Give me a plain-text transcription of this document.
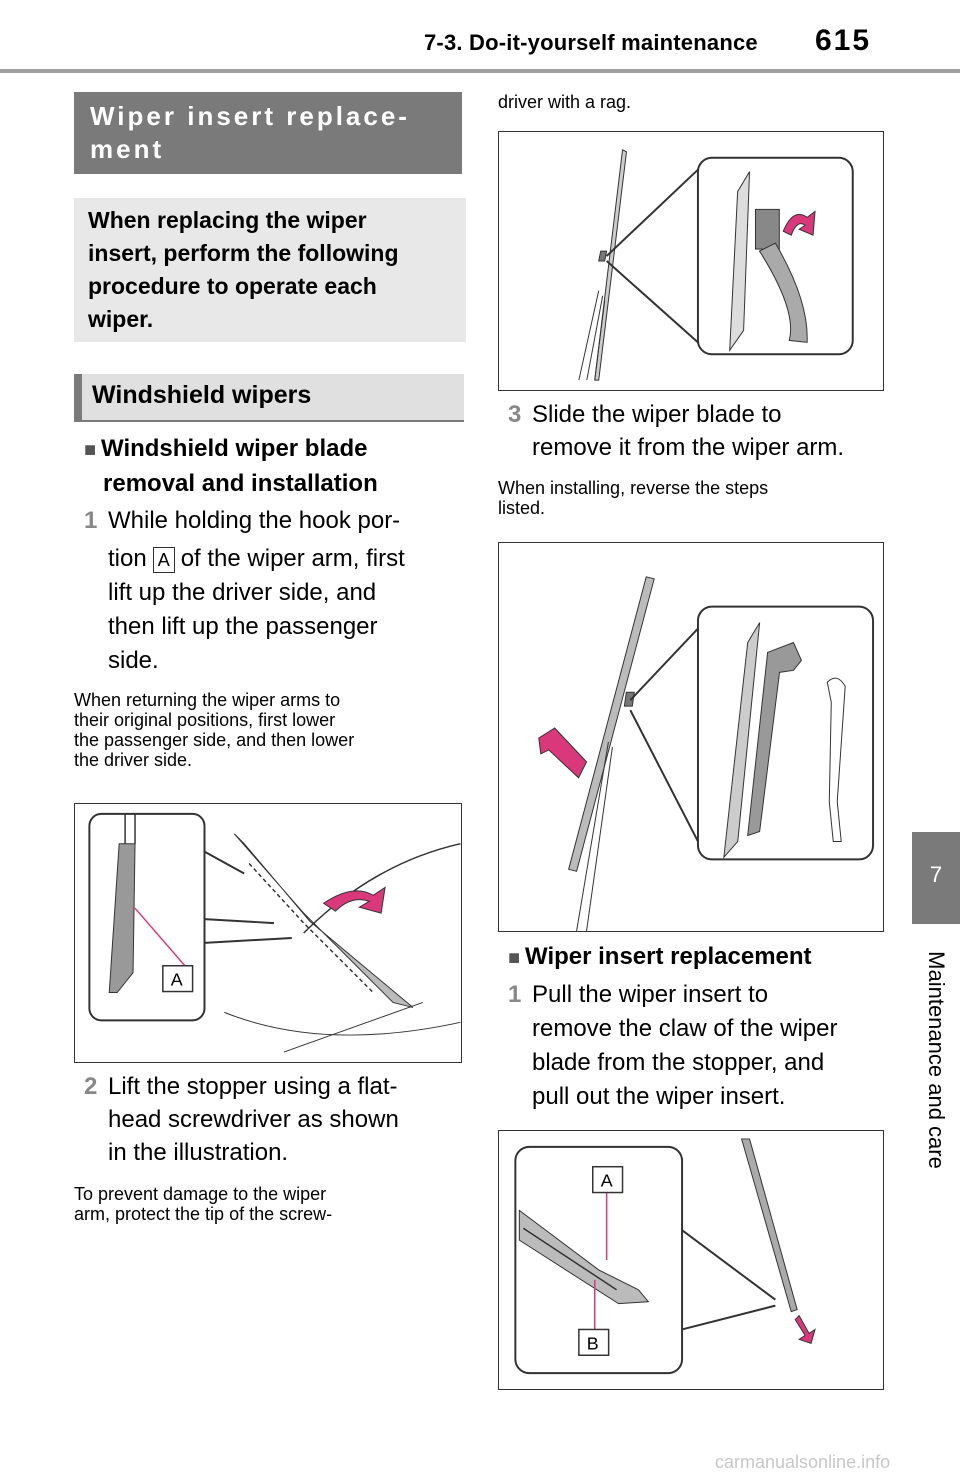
7-3. Do-it-yourself maintenance 615
7
Maintenance and care
Wiper insert replace-
ment
When replacing the wiper
insert, perform the following
procedure to operate each
wiper.
Windshield wipers
■ Windshield wiper blade
removal and installation
1 While holding the hook por-
tion A of the wiper arm, first
lift up the driver side, and
then lift up the passenger
side.
When returning the wiper arms to
their original positions, first lower
the passenger side, and then lower
the driver side.
A
2 Lift the stopper using a flat-
head screwdriver as shown
in the illustration.
To prevent damage to the wiper
arm, protect the tip of the screw-
driver with a rag.
3 Slide the wiper blade to
remove it from the wiper arm.
When installing, reverse the steps
listed.
■ Wiper insert replacement
1 Pull the wiper insert to
remove the claw of the wiper
blade from the stopper, and
pull out the wiper insert.
A
B
carmanualsonline.info
